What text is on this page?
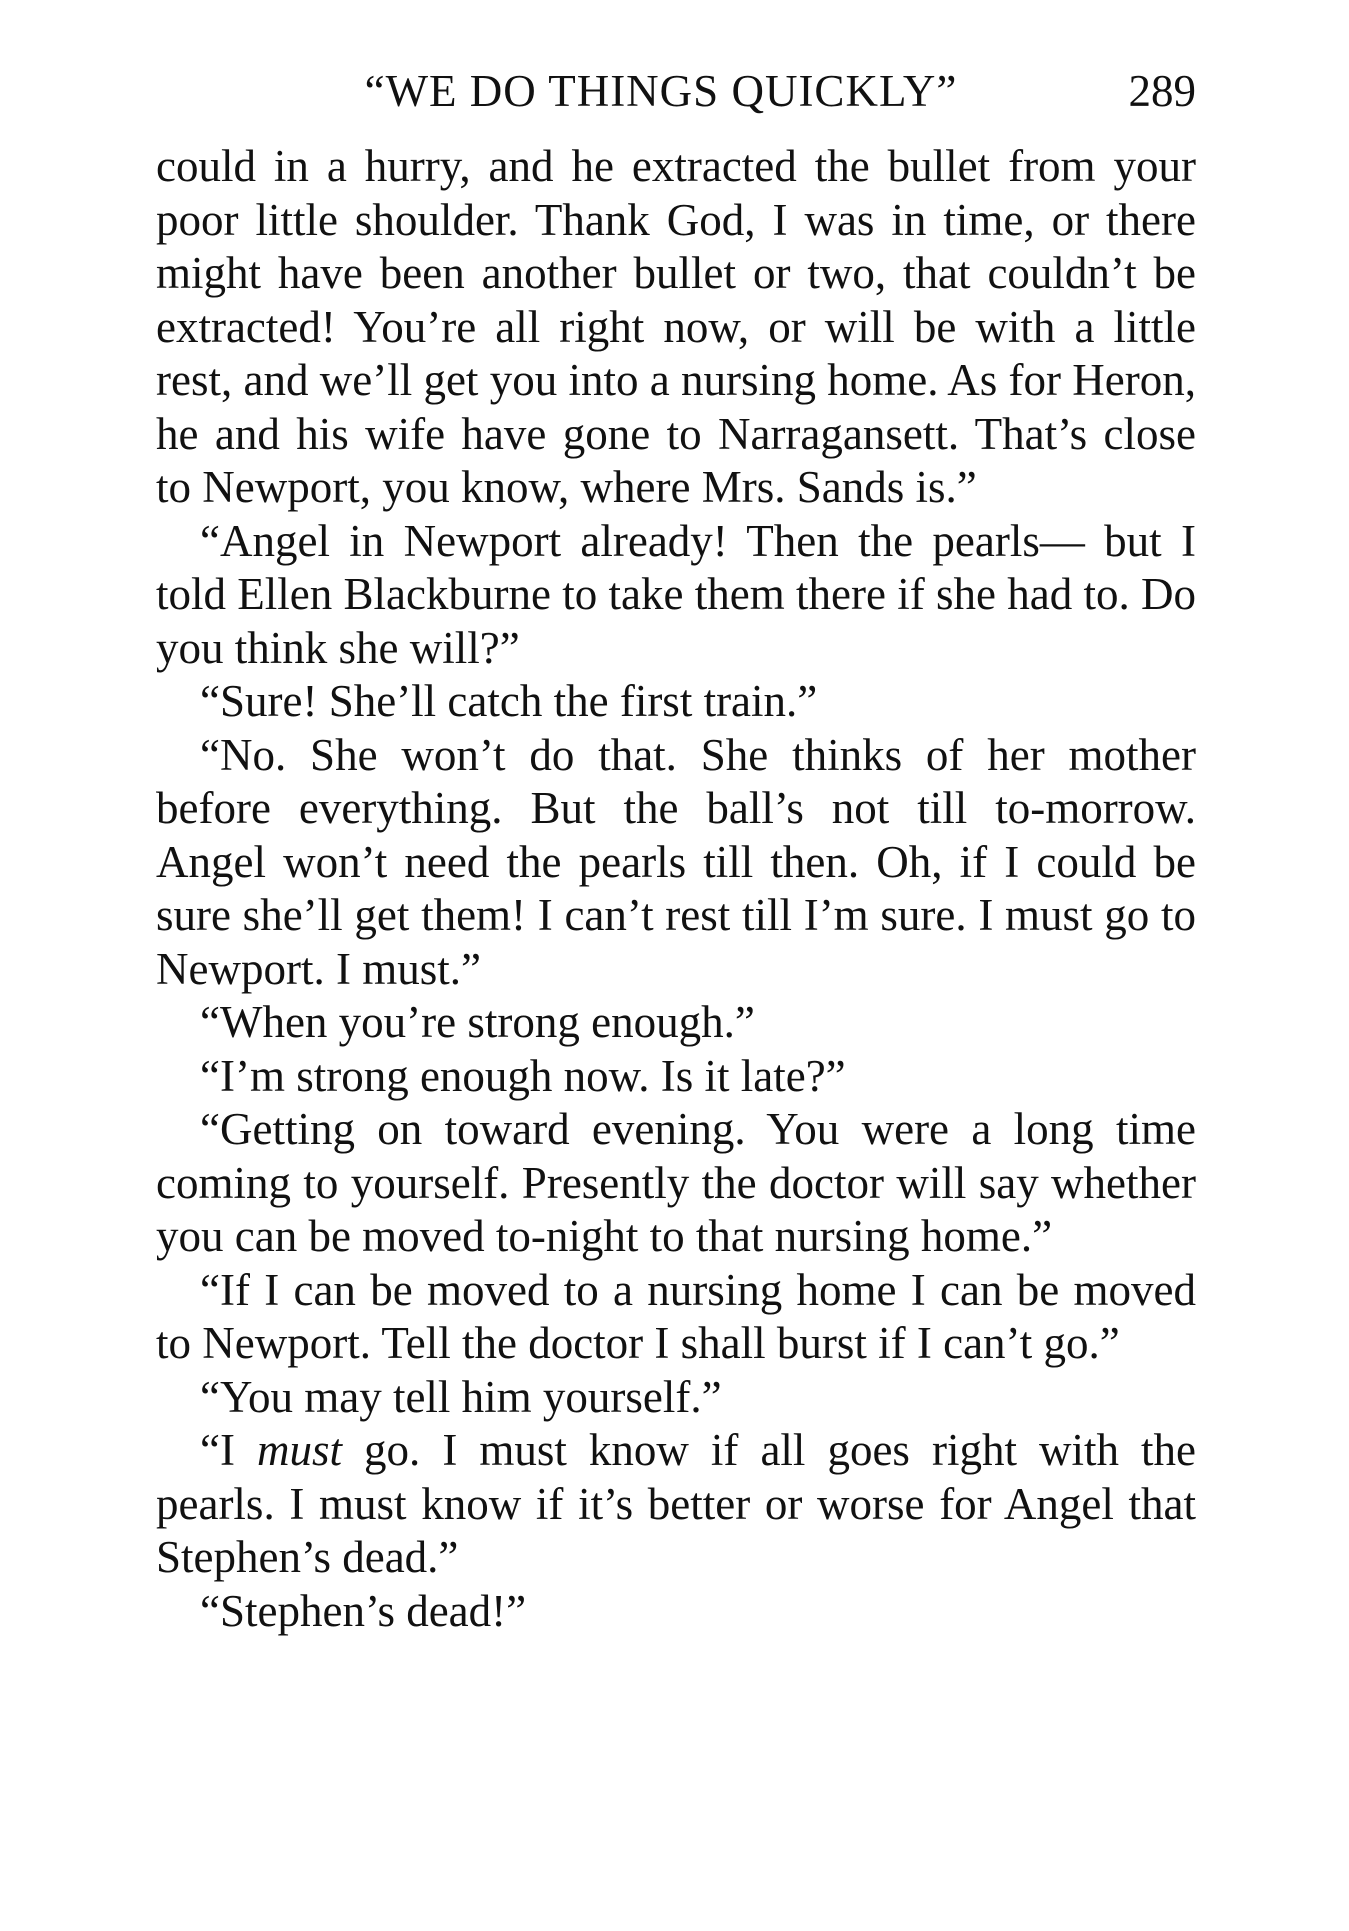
“WE DO THINGS QUICKLY”	289

could in a hurry, and he extracted the bullet from your poor little shoulder. Thank God, I was in time, or there might have been another bullet or two, that couldn’t be extracted! You’re all right now, or will be with a little rest, and we’ll get you into a nursing home. As for Heron, he and his wife have gone to Narragansett. That’s close to Newport, you know, where Mrs. Sands is.”

“Angel in Newport already! Then the pearls— but I told Ellen Blackburne to take them there if she had to. Do you think she will?”

“Sure! She’ll catch the first train.”

“No. She won’t do that. She thinks of her mother before everything. But the ball’s not till to-morrow. Angel won’t need the pearls till then. Oh, if I could be sure she’ll get them! I can’t rest till I’m sure. I must go to Newport. I must.”

“When you’re strong enough.”

“I’m strong enough now. Is it late?”

“Getting on toward evening. You were a long time coming to yourself. Presently the doctor will say whether you can be moved to-night to that nursing home.”

“If I can be moved to a nursing home I can be moved to Newport. Tell the doctor I shall burst if I can’t go.”

“You may tell him yourself.”

“I must go. I must know if all goes right with the pearls. I must know if it’s better or worse for Angel that Stephen’s dead.”

“Stephen’s dead!”
